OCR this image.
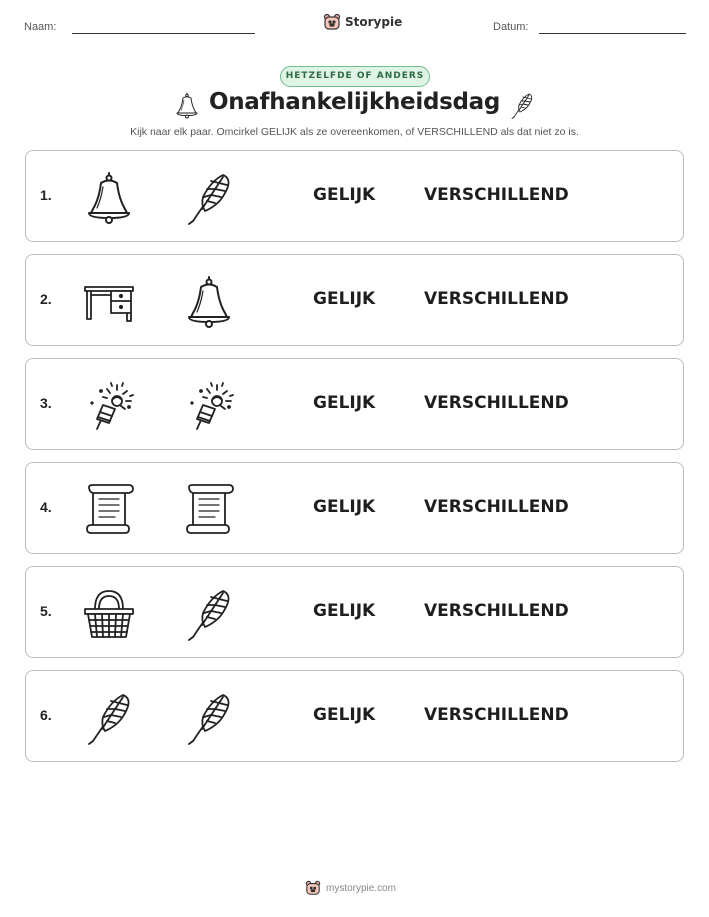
Naam:	Storypie	Datum:
HETZELFDE OF ANDERS
Onafhankelijkheidsdag
Kijk naar elk paar. Omcirkel GELIJK als ze overeenkomen, of VERSCHILLEND als dat niet zo is.
1.	GELIJK	VERSCHILLEND
2.	GELIJK	VERSCHILLEND
3.	GELIJK	VERSCHILLEND
4.	GELIJK	VERSCHILLEND
5.	GELIJK	VERSCHILLEND
6.	GELIJK	VERSCHILLEND
mystorypie.com
